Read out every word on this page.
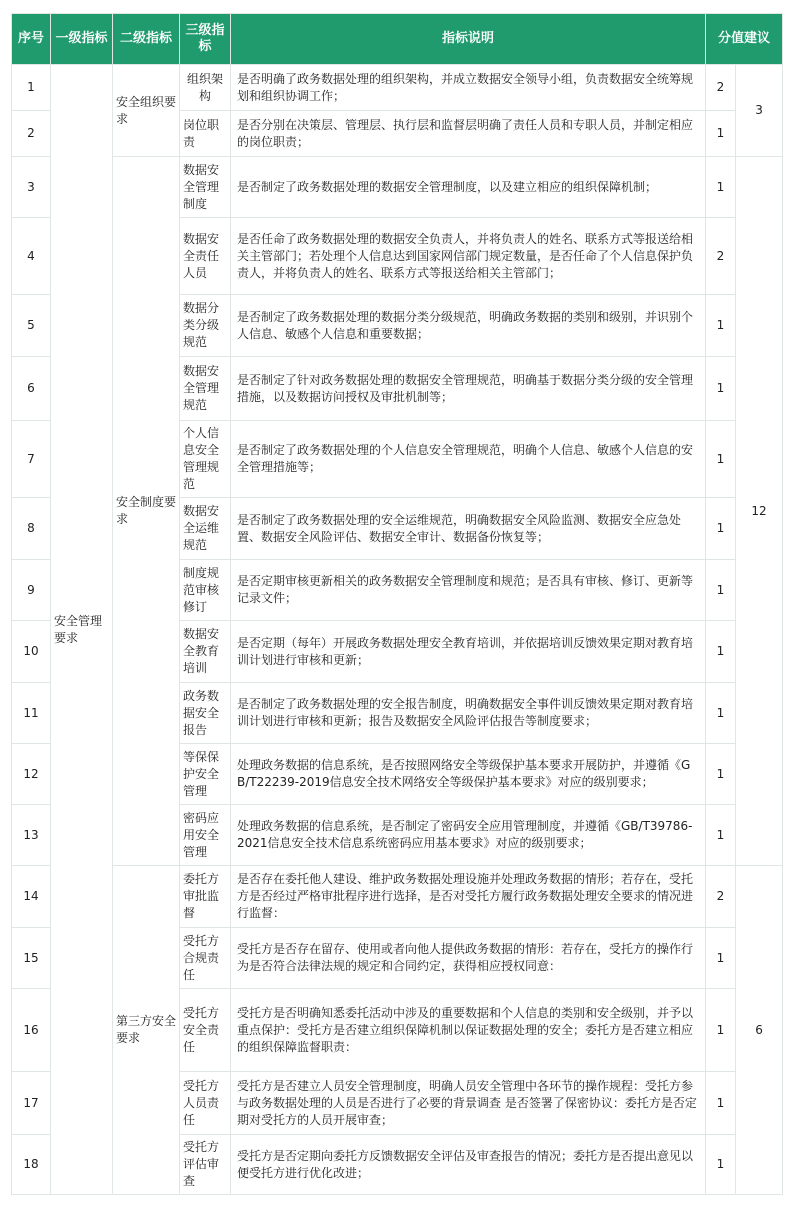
序号	一级指标	二级指标	三级指标	指标说明	分值建议	
1	安全管理要求	安全组织要求	组织架构	是否明确了政务数据处理的组织架构，并成立数据安全领导小组，负责数据安全统筹规划和组织协调工作；	2	3
2			岗位职责	是否分别在决策层、管理层、执行层和监督层明确了责任人员和专职人员，并制定相应的岗位职责；	1	
3		安全制度要求	数据安全管理制度	是否制定了政务数据处理的数据安全管理制度，以及建立相应的组织保障机制；	1	12
4			数据安全责任人员	是否任命了政务数据处理的数据安全负责人，并将负责人的姓名、联系方式等报送给相关主管部门；若处理个人信息达到国家网信部门规定数量，是否任命了个人信息保护负责人，并将负责人的姓名、联系方式等报送给相关主管部门；	2	
5			数据分类分级规范	是否制定了政务数据处理的数据分类分级规范，明确政务数据的类别和级别，并识别个人信息、敏感个人信息和重要数据；	1	
6			数据安全管理规范	是否制定了针对政务数据处理的数据安全管理规范，明确基于数据分类分级的安全管理措施，以及数据访问授权及审批机制等；	1	
7			个人信息安全管理规范	是否制定了政务数据处理的个人信息安全管理规范，明确个人信息、敏感个人信息的安全管理措施等；	1	
8			数据安全运维规范	是否制定了政务数据处理的安全运维规范，明确数据安全风险监测、数据安全应急处置、数据安全风险评估、数据安全审计、数据备份恢复等；	1	
9			制度规范审核修订	是否定期审核更新相关的政务数据安全管理制度和规范；是否具有审核、修订、更新等记录文件；	1	
10			数据安全教育培训	是否定期（每年）开展政务数据处理安全教育培训，并依据培训反馈效果定期对教育培训计划进行审核和更新；	1	
11			政务数据安全报告	是否制定了政务数据处理的安全报告制度，明确数据安全事件训反馈效果定期对教育培训计划进行审核和更新；报告及数据安全风险评估报告等制度要求；	1	
12			等保保护安全管理	处理政务数据的信息系统，是否按照网络安全等级保护基本要求开展防护，并遵循《GB/T22239-2019信息安全技术网络安全等级保护基本要求》对应的级别要求；	1	
13			密码应用安全管理	处理政务数据的信息系统，是否制定了密码安全应用管理制度，并遵循《GB/T39786-2021信息安全技术信息系统密码应用基本要求》对应的级别要求；	1	
14		第三方安全要求	委托方审批监督	是否存在委托他人建设、维护政务数据处理设施并处理政务数据的情形；若存在，受托方是否经过严格审批程序进行选择，是否对受托方履行政务数据处理安全要求的情况进行监督：	2	6
15			受托方合规责任	受托方是否存在留存、使用或者向他人提供政务数据的情形：若存在，受托方的操作行为是否符合法律法规的规定和合同约定，获得相应授权同意：	1	
16			受托方安全责任	受托方是否明确知悉委托活动中涉及的重要数据和个人信息的类别和安全级别，并予以重点保护：受托方是否建立组织保障机制以保证数据处理的安全；委托方是否建立相应的组织保障监督职责：	1	
17			受托方人员责任	受托方是否建立人员安全管理制度，明确人员安全管理中各环节的操作规程：受托方参与政务数据处理的人员是否进行了必要的背景调查 是否签署了保密协议：委托方是否定期对受托方的人员开展审查；	1	
18			受托方评估审查	受托方是否定期向委托方反馈数据安全评估及审查报告的情况；委托方是否提出意见以便受托方进行优化改进；	1	
